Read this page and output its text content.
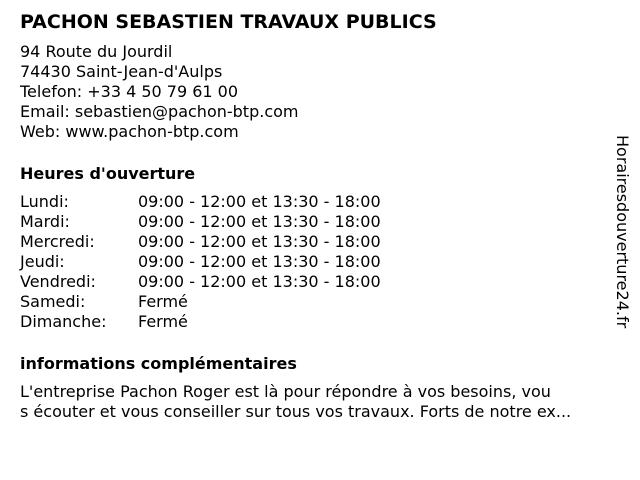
PACHON SEBASTIEN TRAVAUX PUBLICS
94 Route du Jourdil
74430 Saint-Jean-d'Aulps
Telefon: +33 4 50 79 61 00
Email: sebastien@pachon-btp.com
Web: www.pachon-btp.com
Heures d'ouverture
Lundi:	09:00 - 12:00 et 13:30 - 18:00
Mardi:	09:00 - 12:00 et 13:30 - 18:00
Mercredi:	09:00 - 12:00 et 13:30 - 18:00
Jeudi:	09:00 - 12:00 et 13:30 - 18:00
Vendredi:	09:00 - 12:00 et 13:30 - 18:00
Samedi:	Fermé
Dimanche:	Fermé
informations complémentaires
L'entreprise Pachon Roger est là pour répondre à vos besoins, vou
s écouter et vous conseiller sur tous vos travaux. Forts de notre ex...
Horairesdouverture24.fr
